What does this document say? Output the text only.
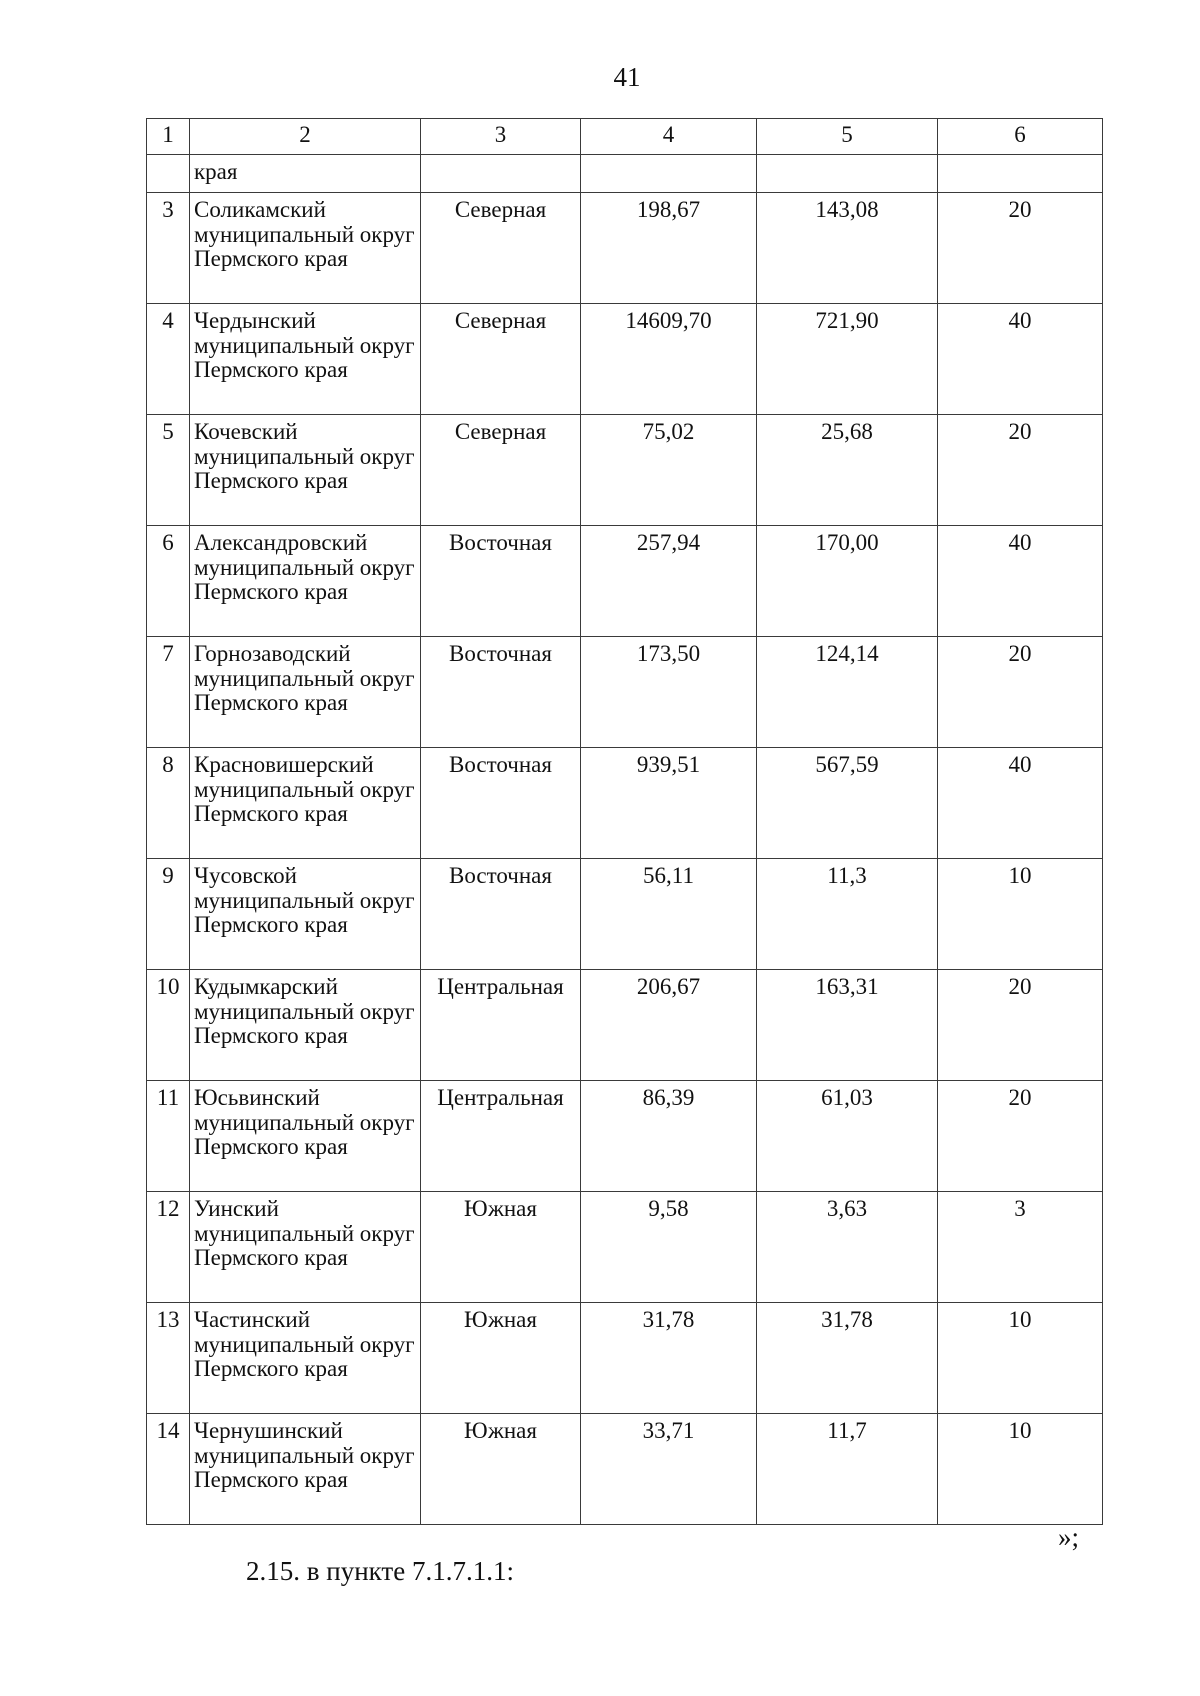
41
1	2	3	4	5	6
	края				
3	Соликамский муниципальный округ Пермского края	Северная	198,67	143,08	20
4	Чердынский муниципальный округ Пермского края	Северная	14609,70	721,90	40
5	Кочевский муниципальный округ Пермского края	Северная	75,02	25,68	20
6	Александровский муниципальный округ Пермского края	Восточная	257,94	170,00	40
7	Горнозаводский муниципальный округ Пермского края	Восточная	173,50	124,14	20
8	Красновишерский муниципальный округ Пермского края	Восточная	939,51	567,59	40
9	Чусовской муниципальный округ Пермского края	Восточная	56,11	11,3	10
10	Кудымкарский муниципальный округ Пермского края	Центральная	206,67	163,31	20
11	Юсьвинский муниципальный округ Пермского края	Центральная	86,39	61,03	20
12	Уинский муниципальный округ Пермского края	Южная	9,58	3,63	3
13	Частинский муниципальный округ Пермского края	Южная	31,78	31,78	10
14	Чернушинский муниципальный округ Пермского края	Южная	33,71	11,7	10
»;
2.15. в пункте 7.1.7.1.1:
